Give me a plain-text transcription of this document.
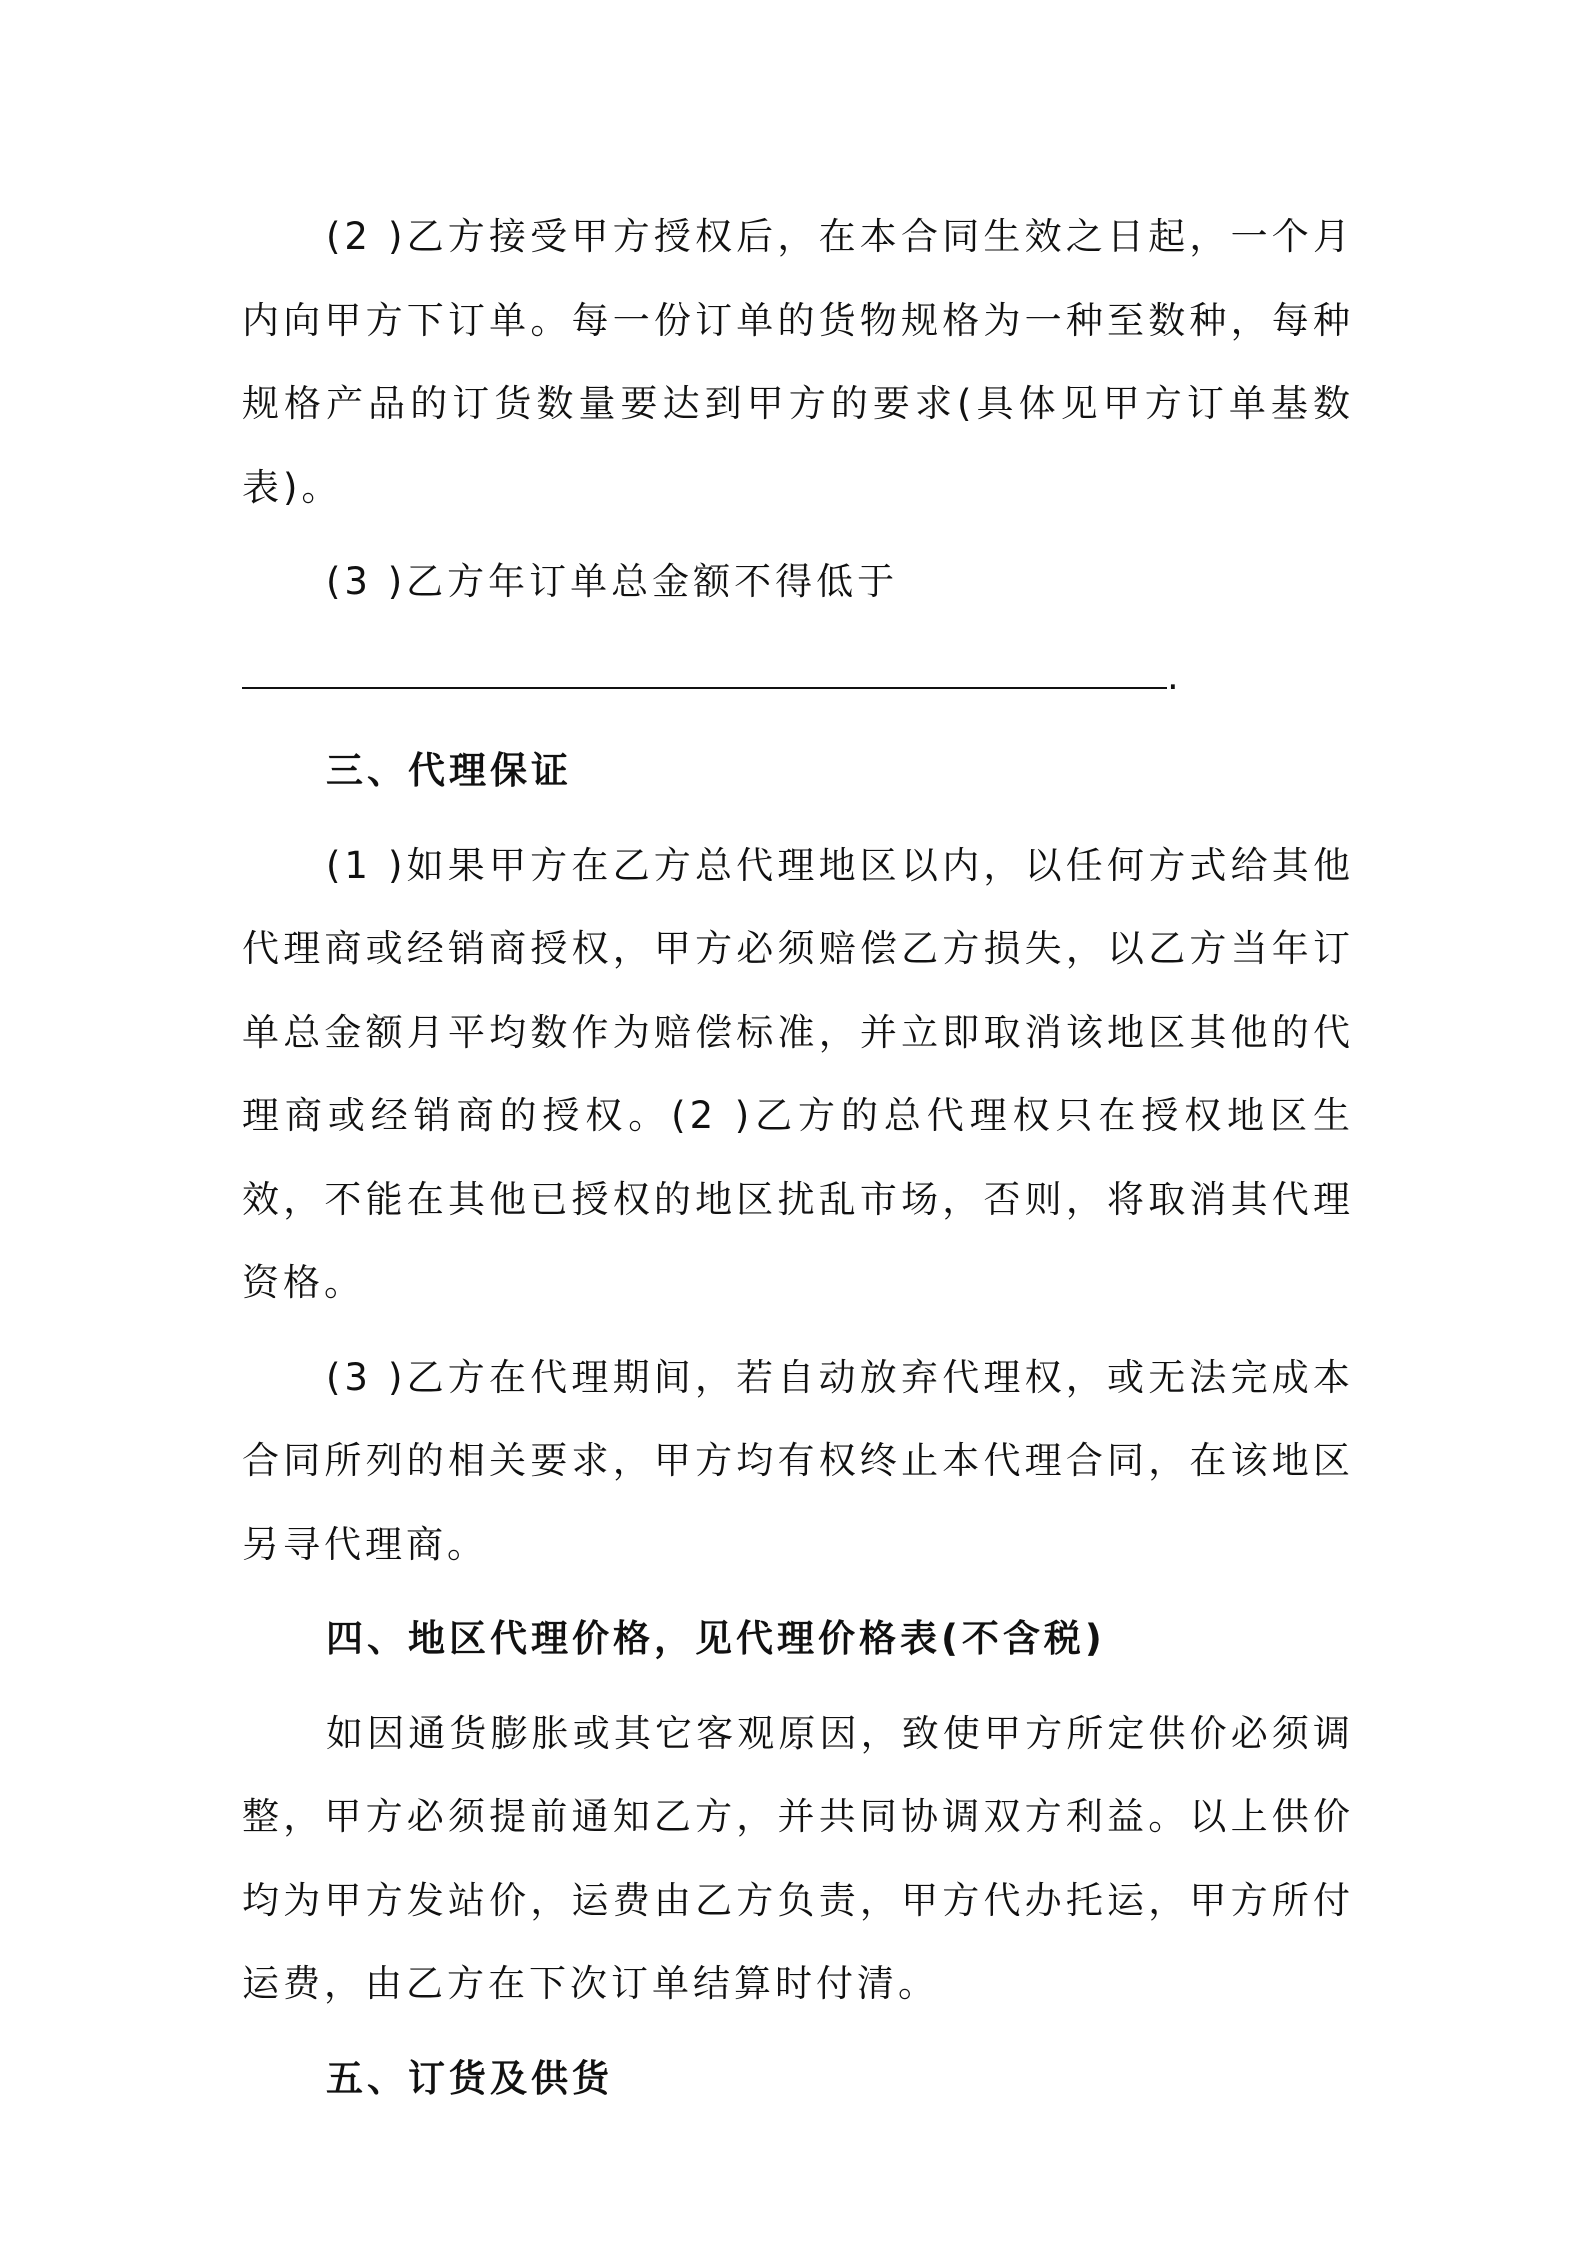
(2 )乙方接受甲方授权后，在本合同生效之日起，一个月内向甲方下订单。每一份订单的货物规格为一种至数种，每种规格产品的订货数量要达到甲方的要求(具体见甲方订单基数表)。

(3 )乙方年订单总金额不得低于

.
三、代理保证

(1 )如果甲方在乙方总代理地区以内，以任何方式给其他代理商或经销商授权，甲方必须赔偿乙方损失，以乙方当年订单总金额月平均数作为赔偿标准，并立即取消该地区其他的代理商或经销商的授权。(2 )乙方的总代理权只在授权地区生效，不能在其他已授权的地区扰乱市场，否则，将取消其代理资格。

(3 )乙方在代理期间，若自动放弃代理权，或无法完成本合同所列的相关要求，甲方均有权终止本代理合同，在该地区另寻代理商。

四、地区代理价格，见代理价格表(不含税)

如因通货膨胀或其它客观原因，致使甲方所定供价必须调整，甲方必须提前通知乙方，并共同协调双方利益。以上供价均为甲方发站价，运费由乙方负责，甲方代办托运，甲方所付运费，由乙方在下次订单结算时付清。

五、订货及供货
